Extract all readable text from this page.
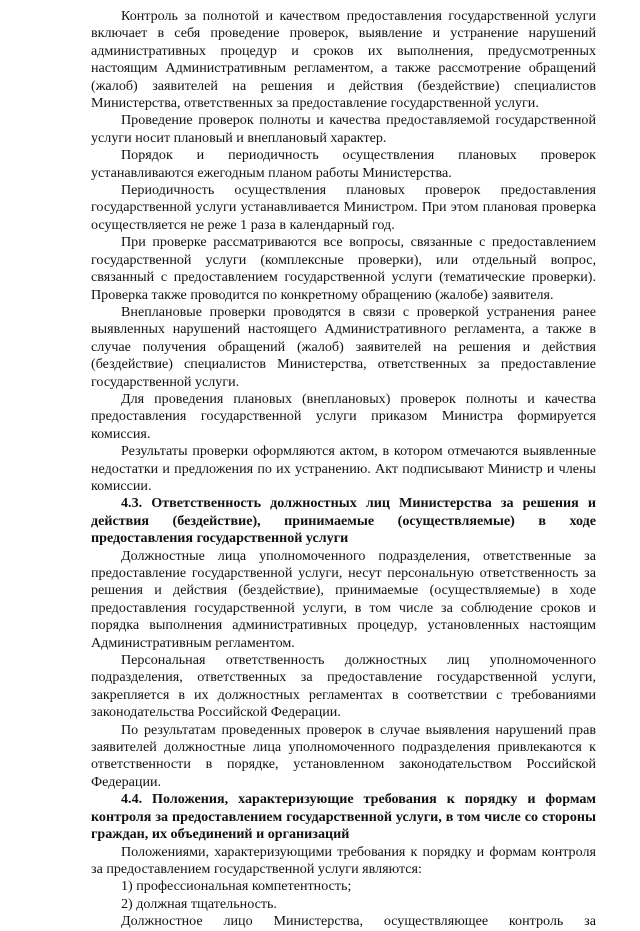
Контроль за полнотой и качеством предоставления государственной услуги включает в себя проведение проверок, выявление и устранение нарушений административных процедур и сроков их выполнения, предусмотренных настоящим Административным регламентом, а также рассмотрение обращений (жалоб) заявителей на решения и действия (бездействие) специалистов Министерства, ответственных за предоставление государственной услуги.

Проведение проверок полноты и качества предоставляемой государственной услуги носит плановый и внеплановый характер.

Порядок и периодичность осуществления плановых проверок устанавливаются ежегодным планом работы Министерства.

Периодичность осуществления плановых проверок предоставления государственной услуги устанавливается Министром. При этом плановая проверка осуществляется не реже 1 раза в календарный год.

При проверке рассматриваются все вопросы, связанные с предоставлением государственной услуги (комплексные проверки), или отдельный вопрос, связанный с предоставлением государственной услуги (тематические проверки). Проверка также проводится по конкретному обращению (жалобе) заявителя.

Внеплановые проверки проводятся в связи с проверкой устранения ранее выявленных нарушений настоящего Административного регламента, а также в случае получения обращений (жалоб) заявителей на решения и действия (бездействие) специалистов Министерства, ответственных за предоставление государственной услуги.

Для проведения плановых (внеплановых) проверок полноты и качества предоставления государственной услуги приказом Министра формируется комиссия.

Результаты проверки оформляются актом, в котором отмечаются выявленные недостатки и предложения по их устранению. Акт подписывают Министр и члены комиссии.

4.3. Ответственность должностных лиц Министерства за решения и действия (бездействие), принимаемые (осуществляемые) в ходе предоставления государственной услуги

Должностные лица уполномоченного подразделения, ответственные за предоставление государственной услуги, несут персональную ответственность за решения и действия (бездействие), принимаемые (осуществляемые) в ходе предоставления государственной услуги, в том числе за соблюдение сроков и порядка выполнения административных процедур, установленных настоящим Административным регламентом.

Персональная ответственность должностных лиц уполномоченного подразделения, ответственных за предоставление государственной услуги, закрепляется в их должностных регламентах в соответствии с требованиями законодательства Российской Федерации.

По результатам проведенных проверок в случае выявления нарушений прав заявителей должностные лица уполномоченного подразделения привлекаются к ответственности в порядке, установленном законодательством Российской Федерации.

4.4. Положения, характеризующие требования к порядку и формам контроля за предоставлением государственной услуги, в том числе со стороны граждан, их объединений и организаций

Положениями, характеризующими требования к порядку и формам контроля за предоставлением государственной услуги являются:

1) профессиональная компетентность;

2) должная тщательность.

Должностное лицо Министерства, осуществляющее контроль за
